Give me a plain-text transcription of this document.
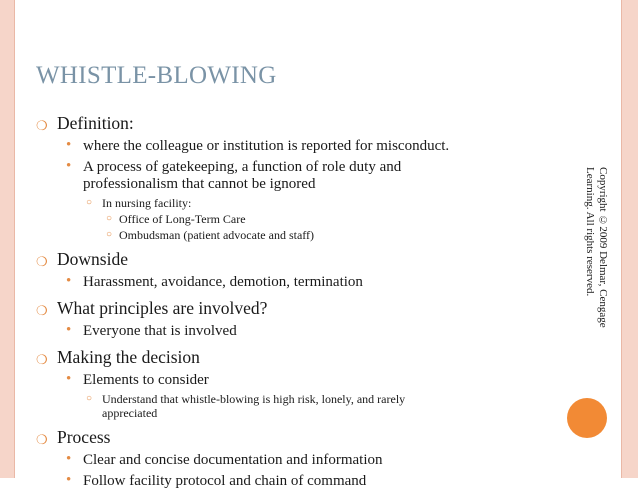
WHISTLE-BLOWING
❍ Definition:
• where the colleague or institution is reported for misconduct.
• A process of gatekeeping, a function of role duty and
professionalism that cannot be ignored
○ In nursing facility:
○ Office of Long-Term Care
○ Ombudsman (patient advocate and staff)
❍ Downside
• Harassment, avoidance, demotion, termination
❍ What principles are involved?
• Everyone that is involved
❍ Making the decision
• Elements to consider
○ Understand that whistle-blowing is high risk, lonely, and rarely
appreciated
❍ Process
• Clear and concise documentation and information
• Follow facility protocol and chain of command
Copyright ©2009 Delmar, Cengage
Learning. All rights reserved.
